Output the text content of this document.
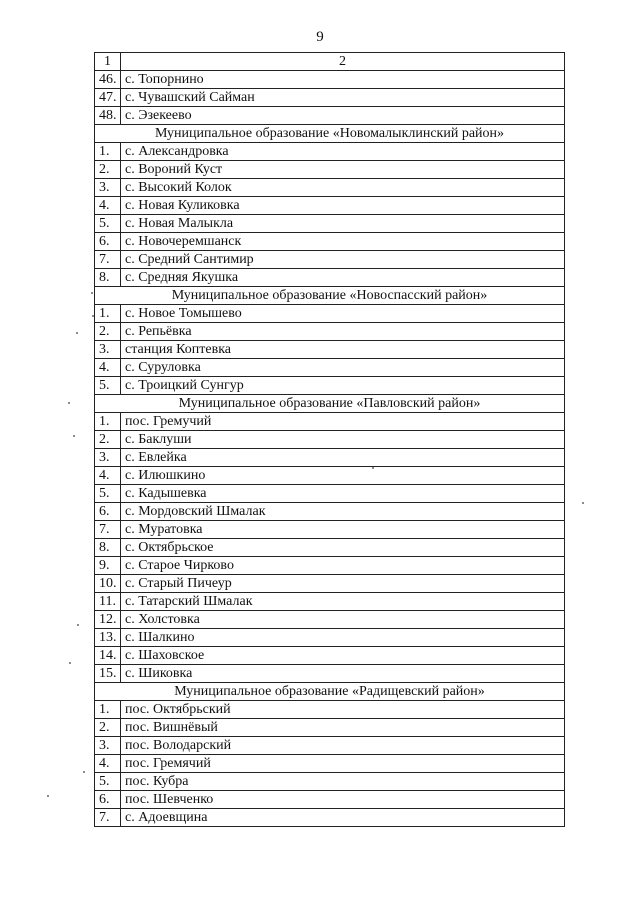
9
1	2
46.	с. Топорнино
47.	с. Чувашский Сайман
48.	с. Эзекеево
Муниципальное образование «Новомалыклинский район»	
1.	с. Александровка
2.	с. Вороний Куст
3.	с. Высокий Колок
4.	с. Новая Куликовка
5.	с. Новая Малыкла
6.	с. Новочеремшанск
7.	с. Средний Сантимир
8.	с. Средняя Якушка
Муниципальное образование «Новоспасский район»	
1.	с. Новое Томышево
2.	с. Репьёвка
3.	станция Коптевка
4.	с. Суруловка
5.	с. Троицкий Сунгур
Муниципальное образование «Павловский район»	
1.	пос. Гремучий
2.	с. Баклуши
3.	с. Евлейка
4.	с. Илюшкино
5.	с. Кадышевка
6.	с. Мордовский Шмалак
7.	с. Муратовка
8.	с. Октябрьское
9.	с. Старое Чирково
10.	с. Старый Пичеур
11.	с. Татарский Шмалак
12.	с. Холстовка
13.	с. Шалкино
14.	с. Шаховское
15.	с. Шиковка
Муниципальное образование «Радищевский район»	
1.	пос. Октябрьский
2.	пос. Вишнёвый
3.	пос. Володарский
4.	пос. Гремячий
5.	пос. Кубра
6.	пос. Шевченко
7.	с. Адоевщина
